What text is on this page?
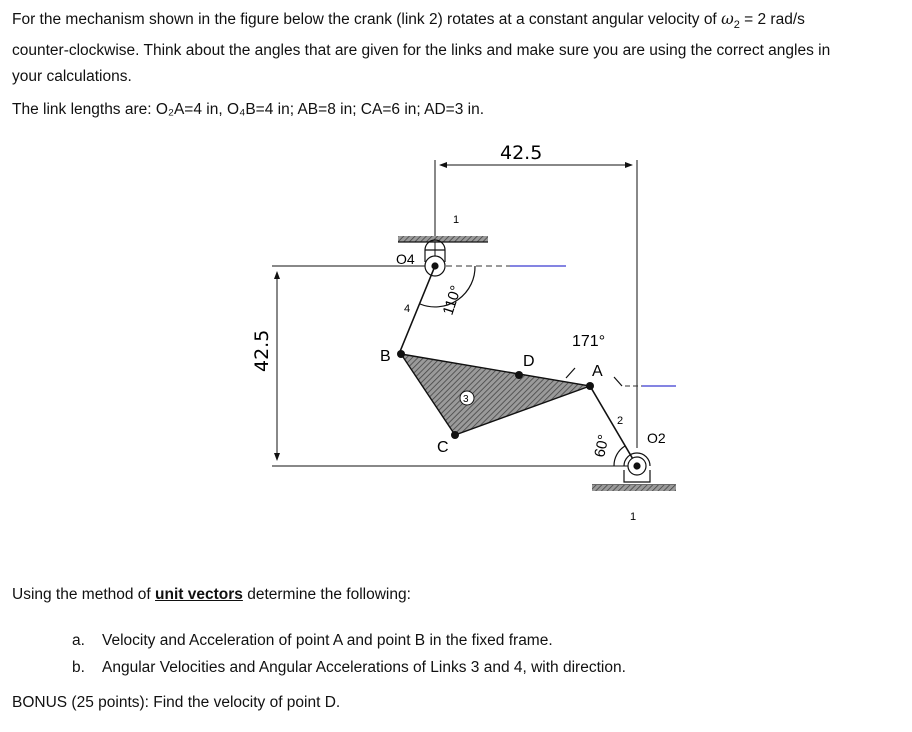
For the mechanism shown in the figure below the crank (link 2) rotates at a constant angular velocity of $\omega_2 = 2$ rad/s

counter-clockwise. Think about the angles that are given for the links and make sure you are using the correct angles in

your calculations.

The link lengths are: O₂A=4 in, O₄B=4 in; AB=8 in; CA=6 in; AD=3 in.
42.5
42.5
1
O4
110°
4
3
B
C
D
A
171°
2
60° O2
1
Using the method of unit vectors determine the following:
a.	Velocity and Acceleration of point A and point B in the fixed frame.
b.	Angular Velocities and Angular Accelerations of Links 3 and 4, with direction.
BONUS (25 points): Find the velocity of point D.
